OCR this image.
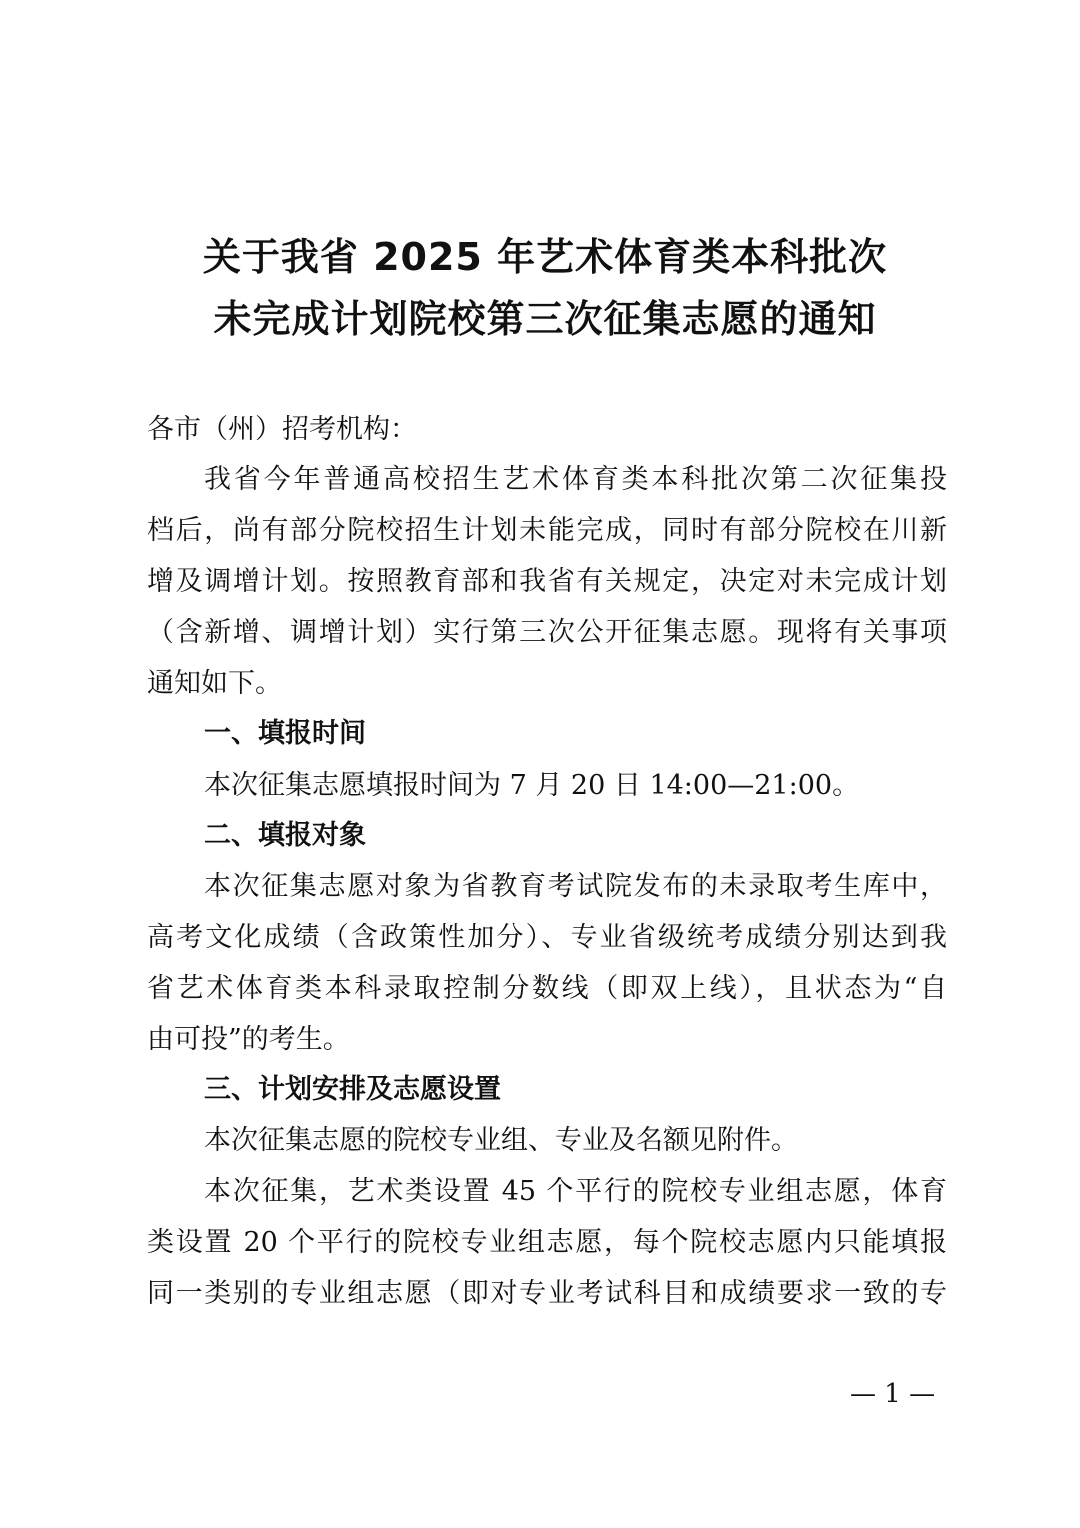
关于我省 2025 年艺术体育类本科批次
未完成计划院校第三次征集志愿的通知
各市（州）招考机构：
我省今年普通高校招生艺术体育类本科批次第二次征集投
档后，尚有部分院校招生计划未能完成，同时有部分院校在川新
增及调增计划。按照教育部和我省有关规定，决定对未完成计划
（含新增、调增计划）实行第三次公开征集志愿。现将有关事项
通知如下。
一、填报时间
本次征集志愿填报时间为 7 月 20 日 14:00—21:00。
二、填报对象
本次征集志愿对象为省教育考试院发布的未录取考生库中，
高考文化成绩（含政策性加分）、专业省级统考成绩分别达到我
省艺术体育类本科录取控制分数线（即双上线），且状态为“自
由可投”的考生。
三、计划安排及志愿设置
本次征集志愿的院校专业组、专业及名额见附件。
本次征集，艺术类设置 45 个平行的院校专业组志愿，体育
类设置 20 个平行的院校专业组志愿，每个院校志愿内只能填报
同一类别的专业组志愿（即对专业考试科目和成绩要求一致的专
— 1 —
